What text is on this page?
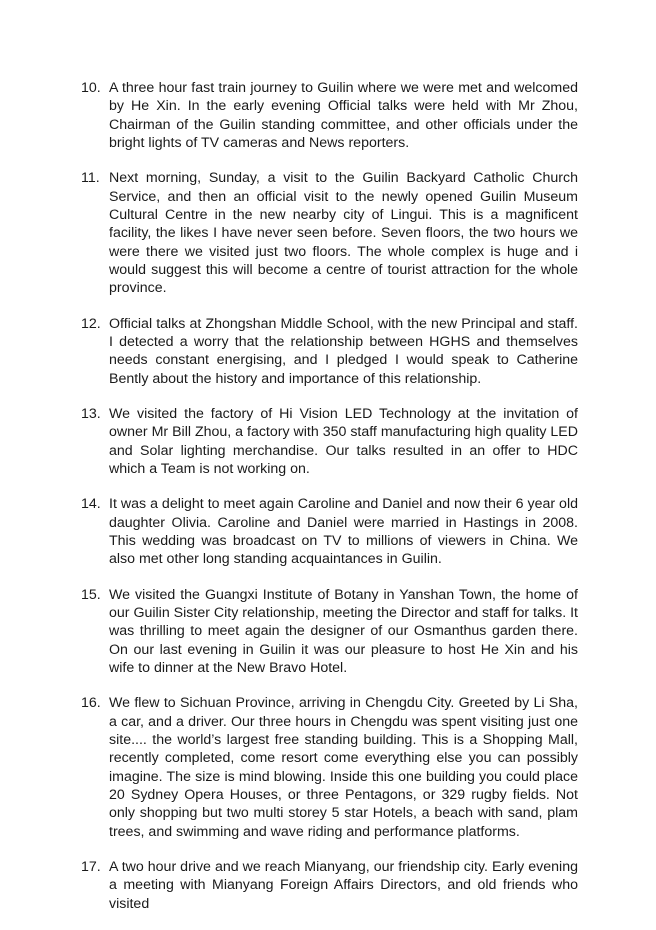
10. A three hour fast train journey to Guilin where we were met and welcomed by He Xin. In the early evening Official talks were held with Mr Zhou, Chairman of the Guilin standing committee, and other officials under the bright lights of TV cameras and News reporters.
11. Next morning, Sunday, a visit to the Guilin Backyard Catholic Church Service, and then an official visit to the newly opened Guilin Museum Cultural Centre in the new nearby city of Lingui. This is a magnificent facility, the likes I have never seen before. Seven floors, the two hours we were there we visited just two floors. The whole complex is huge and i would suggest this will become a centre of tourist attraction for the whole province.
12. Official talks at Zhongshan Middle School, with the new Principal and staff. I detected a worry that the relationship between HGHS and themselves needs constant energising, and I pledged I would speak to Catherine Bently about the history and importance of this relationship.
13. We visited the factory of Hi Vision LED Technology at the invitation of owner Mr Bill Zhou, a factory with 350 staff manufacturing high quality LED and Solar lighting merchandise. Our talks resulted in an offer to HDC which a Team is not working on.
14. It was a delight to meet again Caroline and Daniel and now their 6 year old daughter Olivia. Caroline and Daniel were married in Hastings in 2008. This wedding was broadcast on TV to millions of viewers in China. We also met other long standing acquaintances in Guilin.
15. We visited the Guangxi Institute of Botany in Yanshan Town, the home of our Guilin Sister City relationship, meeting the Director and staff for talks. It was thrilling to meet again the designer of our Osmanthus garden there. On our last evening in Guilin it was our pleasure to host He Xin and his wife to dinner at the New Bravo Hotel.
16. We flew to Sichuan Province, arriving in Chengdu City. Greeted by Li Sha, a car, and a driver. Our three hours in Chengdu was spent visiting just one site.... the world’s largest free standing building. This is a Shopping Mall, recently completed, come resort come everything else you can possibly imagine. The size is mind blowing. Inside this one building you could place 20 Sydney Opera Houses, or three Pentagons, or 329 rugby fields. Not only shopping but two multi storey 5 star Hotels, a beach with sand, plam trees, and swimming and wave riding and performance platforms.
17. A two hour drive and we reach Mianyang, our friendship city. Early evening a meeting with Mianyang Foreign Affairs Directors, and old friends who visited
